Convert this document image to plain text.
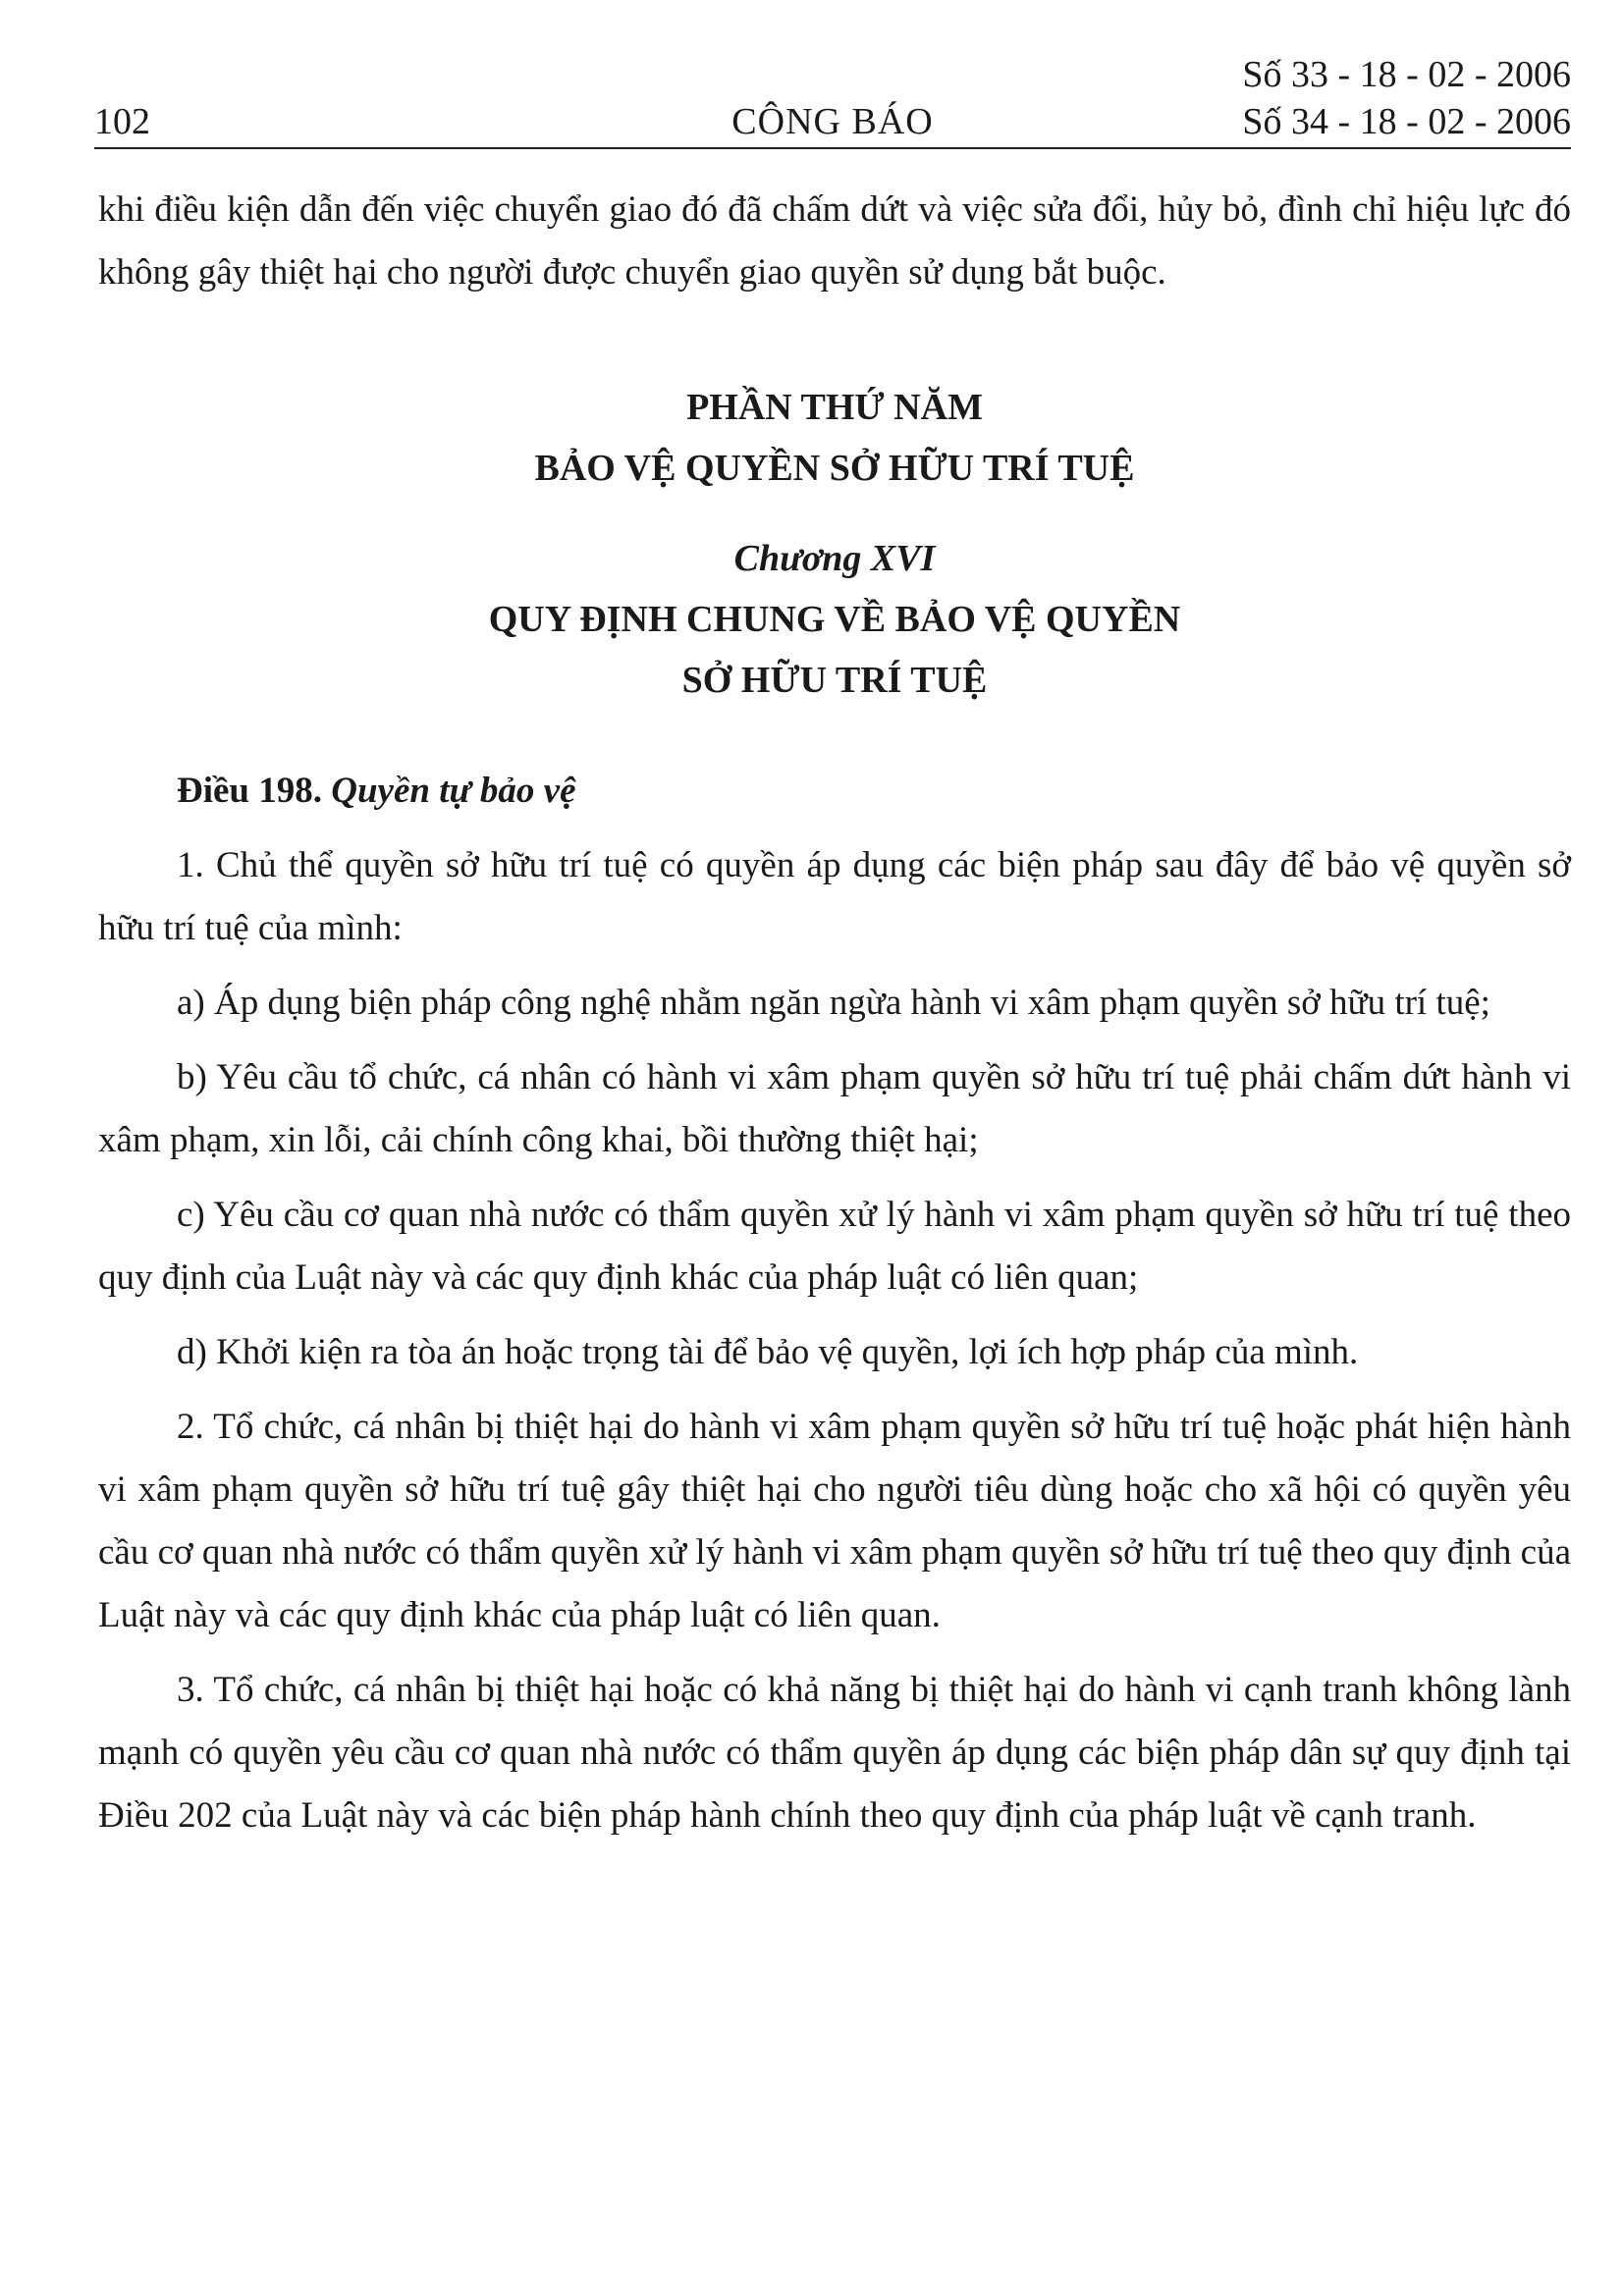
102	CÔNG BÁO
Số 33 - 18 - 02 - 2006
Số 34 - 18 - 02 - 2006

khi điều kiện dẫn đến việc chuyển giao đó đã chấm dứt và việc sửa đổi, hủy bỏ, đình chỉ hiệu lực đó không gây thiệt hại cho người được chuyển giao quyền sử dụng bắt buộc.

PHẦN THỨ NĂM

BẢO VỆ QUYỀN SỞ HỮU TRÍ TUỆ

Chương XVI

QUY ĐỊNH CHUNG VỀ BẢO VỆ QUYỀN

SỞ HỮU TRÍ TUỆ

Điều 198. Quyền tự bảo vệ

1. Chủ thể quyền sở hữu trí tuệ có quyền áp dụng các biện pháp sau đây để bảo vệ quyền sở hữu trí tuệ của mình:

a) Áp dụng biện pháp công nghệ nhằm ngăn ngừa hành vi xâm phạm quyền sở hữu trí tuệ;

b) Yêu cầu tổ chức, cá nhân có hành vi xâm phạm quyền sở hữu trí tuệ phải chấm dứt hành vi xâm phạm, xin lỗi, cải chính công khai, bồi thường thiệt hại;

c) Yêu cầu cơ quan nhà nước có thẩm quyền xử lý hành vi xâm phạm quyền sở hữu trí tuệ theo quy định của Luật này và các quy định khác của pháp luật có liên quan;

d) Khởi kiện ra tòa án hoặc trọng tài để bảo vệ quyền, lợi ích hợp pháp của mình.

2. Tổ chức, cá nhân bị thiệt hại do hành vi xâm phạm quyền sở hữu trí tuệ hoặc phát hiện hành vi xâm phạm quyền sở hữu trí tuệ gây thiệt hại cho người tiêu dùng hoặc cho xã hội có quyền yêu cầu cơ quan nhà nước có thẩm quyền xử lý hành vi xâm phạm quyền sở hữu trí tuệ theo quy định của Luật này và các quy định khác của pháp luật có liên quan.

3. Tổ chức, cá nhân bị thiệt hại hoặc có khả năng bị thiệt hại do hành vi cạnh tranh không lành mạnh có quyền yêu cầu cơ quan nhà nước có thẩm quyền áp dụng các biện pháp dân sự quy định tại Điều 202 của Luật này và các biện pháp hành chính theo quy định của pháp luật về cạnh tranh.
